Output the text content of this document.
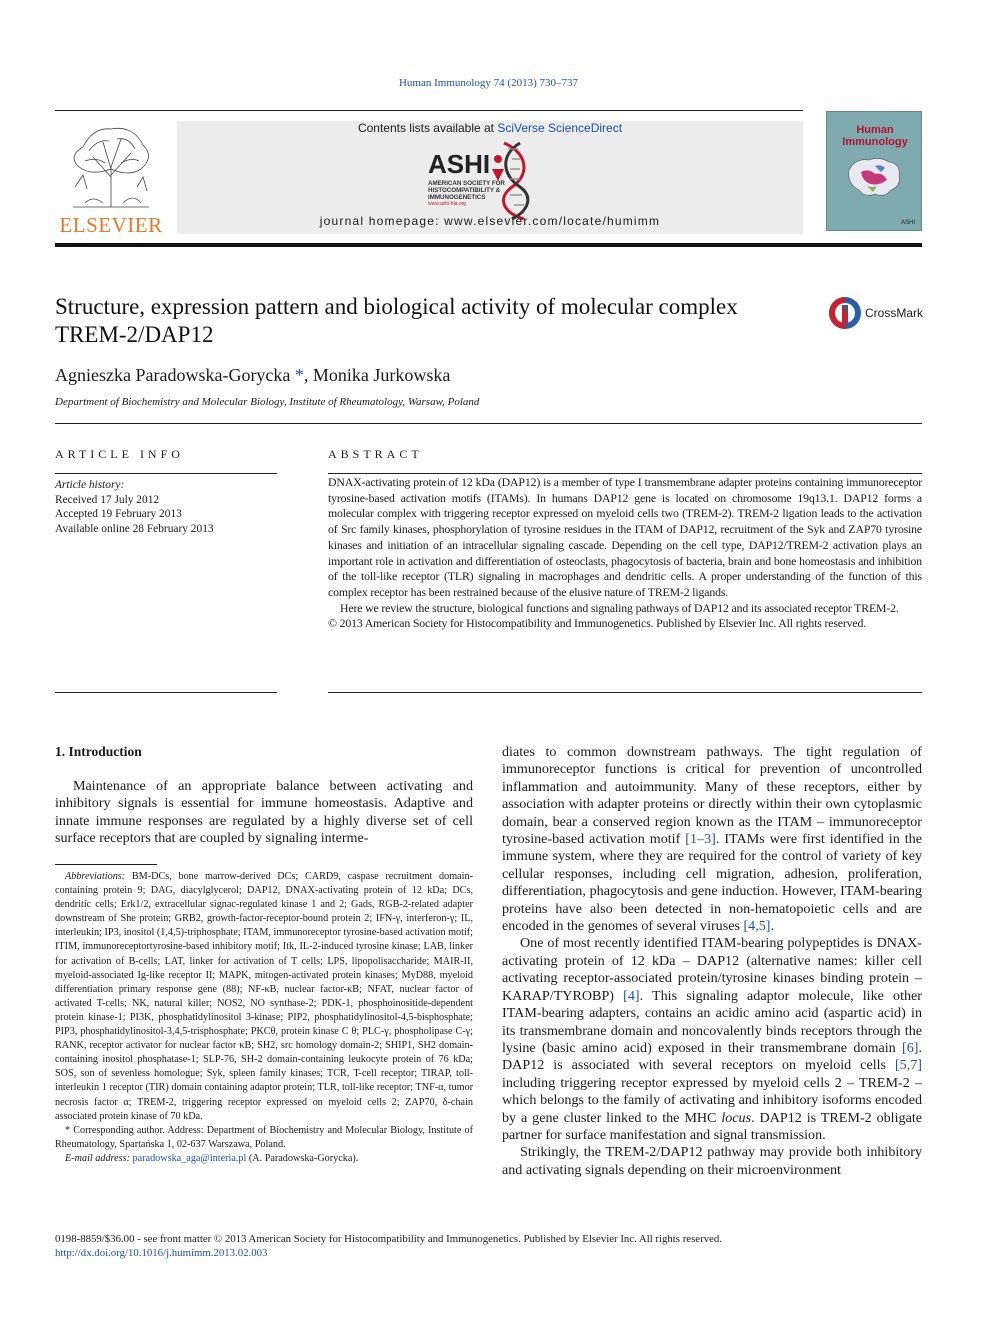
Human Immunology 74 (2013) 730–737
ELSEVIER
Contents lists available at SciVerse ScienceDirect
ASHI
AMERICAN SOCIETY FOR
HISTOCOMPATIBILITY &
IMMUNOGENETICS
www.ashi-hla.org
journal homepage: www.elsevier.com/locate/humimm
Human
Immunology
ASHI
Structure, expression pattern and biological activity of molecular complex TREM-2/DAP12
CrossMark
Agnieszka Paradowska-Gorycka *, Monika Jurkowska
Department of Biochemistry and Molecular Biology, Institute of Rheumatology, Warsaw, Poland
ARTICLE INFO
Article history:
Received 17 July 2012
Accepted 19 February 2013
Available online 28 February 2013
ABSTRACT

DNAX-activating protein of 12 kDa (DAP12) is a member of type I transmembrane adapter proteins containing immunoreceptor tyrosine-based activation motifs (ITAMs). In humans DAP12 gene is located on chromosome 19q13.1. DAP12 forms a molecular complex with triggering receptor expressed on myeloid cells two (TREM-2). TREM-2 ligation leads to the activation of Src family kinases, phosphorylation of tyrosine residues in the ITAM of DAP12, recruitment of the Syk and ZAP70 tyrosine kinases and initiation of an intracellular signaling cascade. Depending on the cell type, DAP12/TREM-2 activation plays an important role in activation and differentiation of osteoclasts, phagocytosis of bacteria, brain and bone homeostasis and inhibition of the toll-like receptor (TLR) signaling in macrophages and dendritic cells. A proper understanding of the function of this complex receptor has been restrained because of the elusive nature of TREM-2 ligands.

Here we review the structure, biological functions and signaling pathways of DAP12 and its associated receptor TREM-2.

© 2013 American Society for Histocompatibility and Immunogenetics. Published by Elsevier Inc. All rights reserved.

1. Introduction
Maintenance of an appropriate balance between activating and inhibitory signals is essential for immune homeostasis. Adaptive and innate immune responses are regulated by a highly diverse set of cell surface receptors that are coupled by signaling interme-

Abbreviations: BM-DCs, bone marrow-derived DCs; CARD9, caspase recruitment domain-containing protein 9; DAG, diacylglycerol; DAP12, DNAX-activating protein of 12 kDa; DCs, dendritic cells; Erk1/2, extracellular signac-regulated kinase 1 and 2; Gads, RGB-2-related adapter downstream of She protein; GRB2, growth-factor-receptor-bound protein 2; IFN-γ, interferon-γ; IL, interleukin; IP3, inositol (1,4,5)-triphosphate; ITAM, immunoreceptor tyrosine-based activation motif; ITIM, immunoreceptortyrosine-based inhibitory motif; Itk, IL-2-induced tyrosine kinase; LAB, linker for activation of B-cells; LAT, linker for activation of T cells; LPS, lipopolisaccharide; MAIR-II, myeloid-associated Ig-like receptor II; MAPK, mitogen-activated protein kinases; MyD88, myeloid differentiation primary response gene (88); NF-κB, nuclear factor-κB; NFAT, nuclear factor of activated T-cells; NK, natural killer; NOS2, NO synthase-2; PDK-1, phosphoinositide-dependent protein kinase-1; PI3K, phosphatidylinositol 3-kinase; PIP2, phosphatidylinositol-4,5-bisphosphate; PIP3, phosphatidylinositol-3,4,5-trisphosphate; PKCθ, protein kinase C θ; PLC-γ, phospholipase C-γ; RANK, receptor activator for nuclear factor κB; SH2, src homology domain-2; SHIP1, SH2 domain-containing inositol phosphatase-1; SLP-76, SH-2 domain-containing leukocyte protein of 76 kDa; SOS, son of sevenless homologue; Syk, spleen family kinases; TCR, T-cell receptor; TIRAP, toll-interleukin 1 receptor (TIR) domain containing adaptor protein; TLR, toll-like receptor; TNF-α, tumor necrosis factor α; TREM-2, triggering receptor expressed on myeloid cells 2; ZAP70, δ-chain associated protein kinase of 70 kDa.

* Corresponding author. Address: Department of Biochemistry and Molecular Biology, Institute of Rheumatology, Spartańska 1, 02-637 Warszawa, Poland.

E-mail address: paradowska_aga@interia.pl (A. Paradowska-Gorycka).

diates to common downstream pathways. The tight regulation of immunoreceptor functions is critical for prevention of uncontrolled inflammation and autoimmunity. Many of these receptors, either by association with adapter proteins or directly within their own cytoplasmic domain, bear a conserved region known as the ITAM – immunoreceptor tyrosine-based activation motif [1–3]. ITAMs were first identified in the immune system, where they are required for the control of variety of key cellular responses, including cell migration, adhesion, proliferation, differentiation, phagocytosis and gene induction. However, ITAM-bearing proteins have also been detected in non-hematopoietic cells and are encoded in the genomes of several viruses [4,5].

One of most recently identified ITAM-bearing polypeptides is DNAX-activating protein of 12 kDa – DAP12 (alternative names: killer cell activating receptor-associated protein/tyrosine kinases binding protein – KARAP/TYROBP) [4]. This signaling adaptor molecule, like other ITAM-bearing adapters, contains an acidic amino acid (aspartic acid) in its transmembrane domain and noncovalently binds receptors through the lysine (basic amino acid) exposed in their transmembrane domain [6]. DAP12 is associated with several receptors on myeloid cells [5,7] including triggering receptor expressed by myeloid cells 2 – TREM-2 – which belongs to the family of activating and inhibitory isoforms encoded by a gene cluster linked to the MHC locus. DAP12 is TREM-2 obligate partner for surface manifestation and signal transmission.

Strikingly, the TREM-2/DAP12 pathway may provide both inhibitory and activating signals depending on their microenvironment

0198-8859/$36.00 - see front matter © 2013 American Society for Histocompatibility and Immunogenetics. Published by Elsevier Inc. All rights reserved.
http://dx.doi.org/10.1016/j.humimm.2013.02.003
